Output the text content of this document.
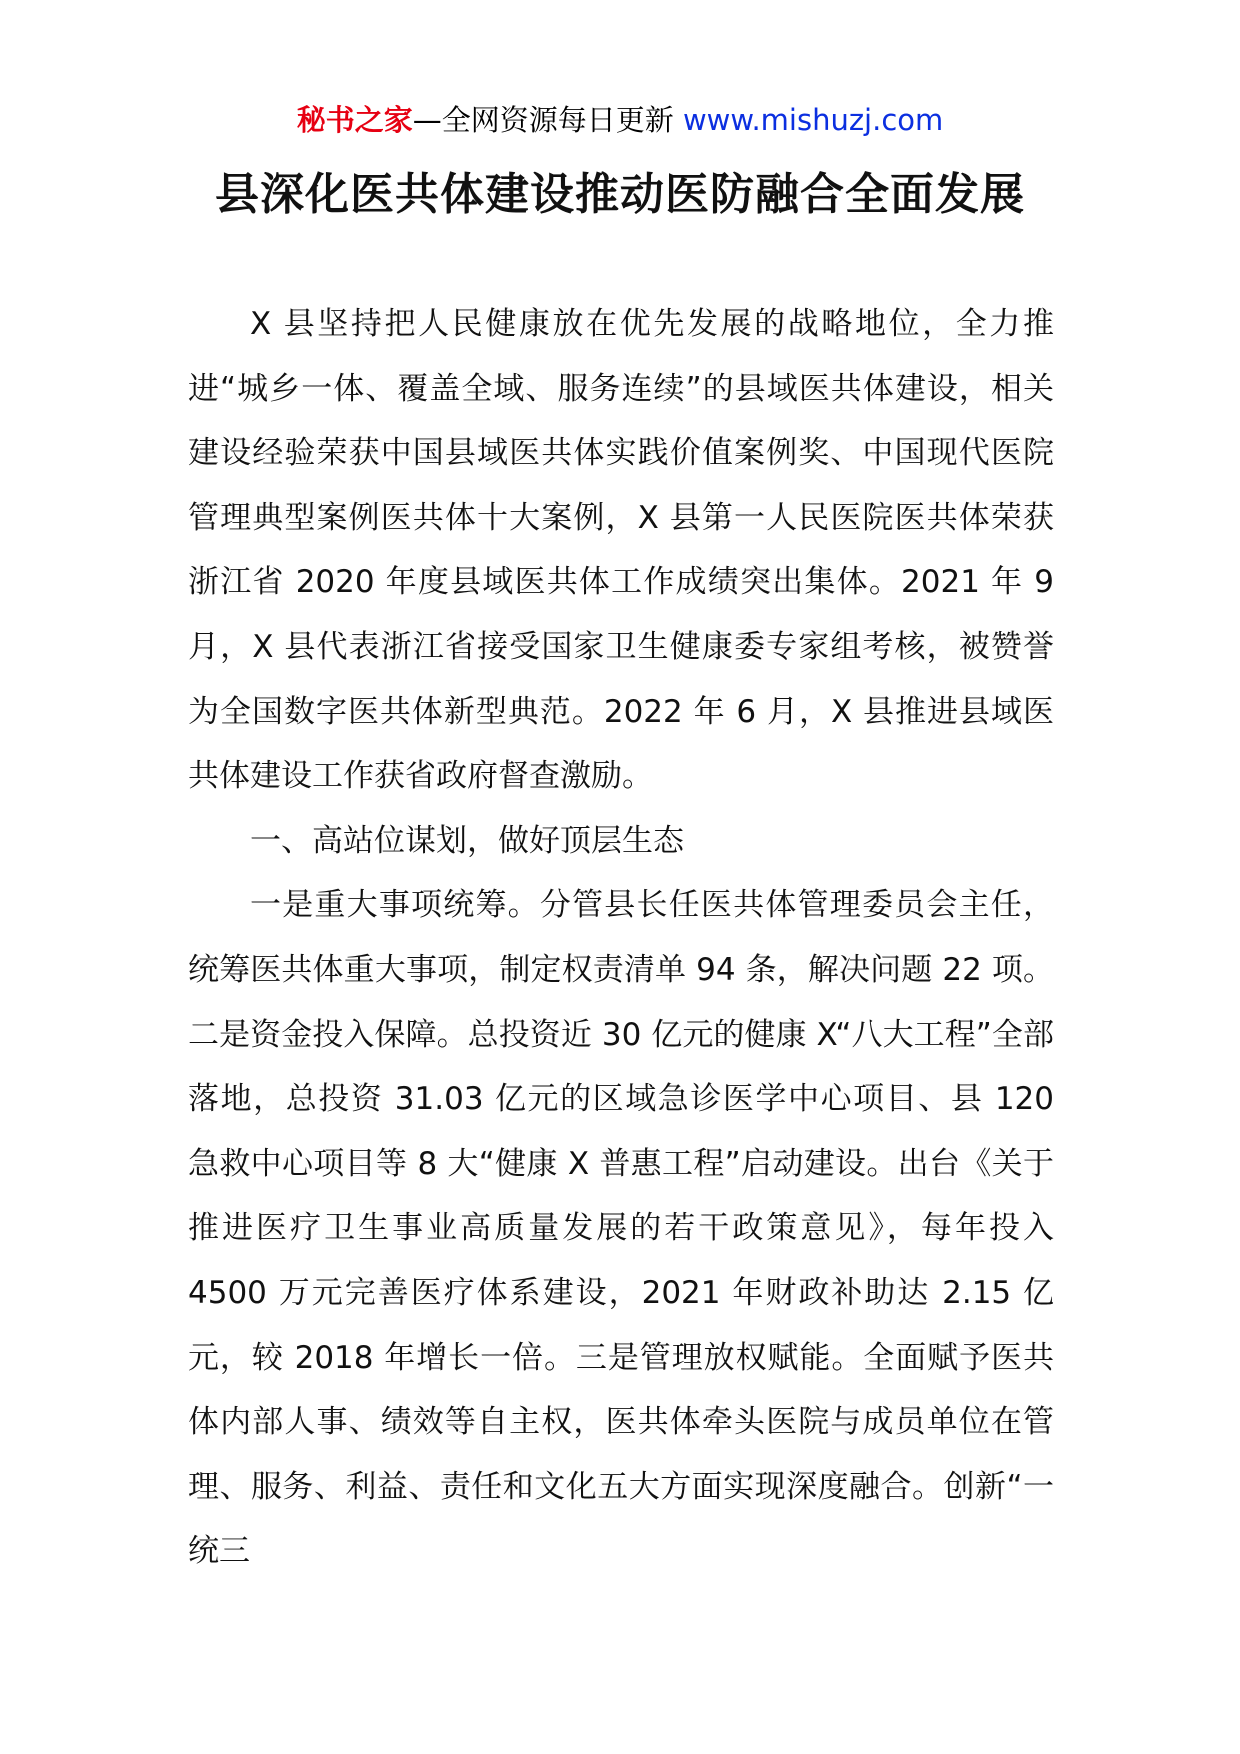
秘书之家—全网资源每日更新 www.mishuzj.com
县深化医共体建设推动医防融合全面发展

X 县坚持把人民健康放在优先发展的战略地位，全力推进“城乡一体、覆盖全域、服务连续”的县域医共体建设，相关建设经验荣获中国县域医共体实践价值案例奖、中国现代医院管理典型案例医共体十大案例，X 县第一人民医院医共体荣获浙江省 2020 年度县域医共体工作成绩突出集体。2021 年 9 月，X 县代表浙江省接受国家卫生健康委专家组考核，被赞誉为全国数字医共体新型典范。2022 年 6 月，X 县推进县域医共体建设工作获省政府督查激励。

一、高站位谋划，做好顶层生态

一是重大事项统筹。分管县长任医共体管理委员会主任，统筹医共体重大事项，制定权责清单 94 条，解决问题 22 项。二是资金投入保障。总投资近 30 亿元的健康 X“八大工程”全部落地，总投资 31.03 亿元的区域急诊医学中心项目、县 120 急救中心项目等 8 大“健康 X 普惠工程”启动建设。出台《关于推进医疗卫生事业高质量发展的若干政策意见》，每年投入 4500 万元完善医疗体系建设，2021 年财政补助达 2.15 亿元，较 2018 年增长一倍。三是管理放权赋能。全面赋予医共体内部人事、绩效等自主权，医共体牵头医院与成员单位在管理、服务、利益、责任和文化五大方面实现深度融合。创新“一统三
